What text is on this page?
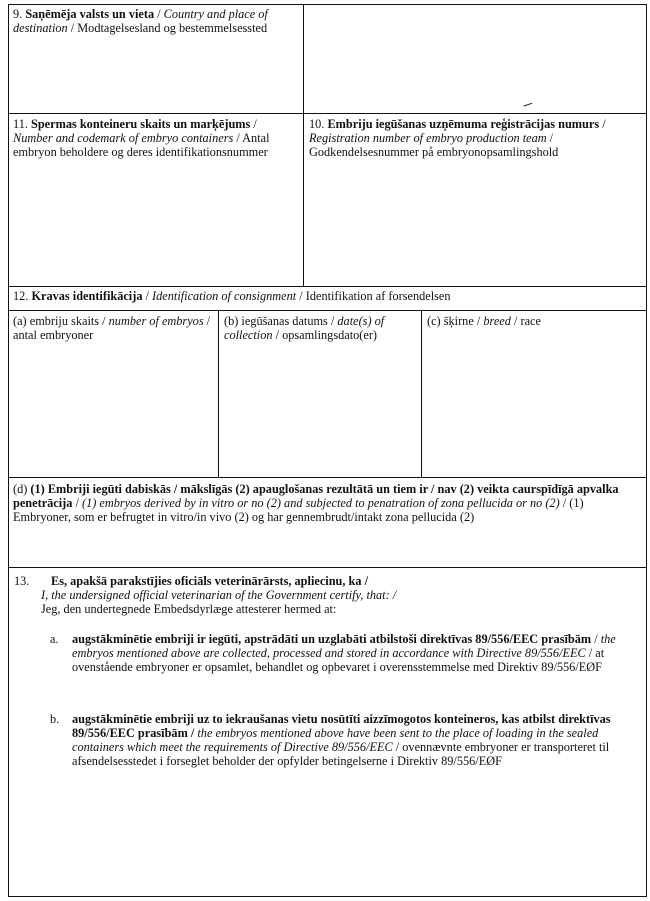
9. Saņēmēja valsts un vieta / Country and place of destination / Modtagelsesland og bestemmelsessted
11. Spermas konteineru skaits un marķējums / Number and codemark of embryo containers / Antal embryon beholdere og deres identifikationsnummer
10. Embriju iegūšanas uzņēmuma reģistrācijas numurs / Registration number of embryo production team / Godkendelsesnummer på embryonopsamlingshold
12. Kravas identifikācija / Identification of consignment / Identifikation af forsendelsen
(a) embriju skaits / number of embryos / antal embryoner
(b) iegūšanas datums / date(s) of collection / opsamlingsdato(er)
(c) šķirne / breed / race
(d) (1) Embriji iegūti dabiskās / mākslīgās (2) apauglošanas rezultātā un tiem ir / nav (2) veikta caurspīdīgā apvalka penetrācija / (1) embryos derived by in vitro or no (2) and subjected to penatration of zona pellucida or no (2) / (1) Embryoner, som er befrugtet in vitro/in vivo (2) og har gennembrudt/intakt zona pellucida (2)
13.	Es, apakšā parakstījies oficiāls veterinārārsts, apliecinu, ka /
I, the undersigned official veterinarian of the Government certify, that: /
Jeg, den undertegnede Embedsdyrlæge attesterer hermed at:
a. augstākminētie embriji ir iegūti, apstrādāti un uzglabāti atbilstoši direktīvas 89/556/EEC prasībām / the embryos mentioned above are collected, processed and stored in accordance with Directive 89/556/EEC / at ovenstående embryoner er opsamlet, behandlet og opbevaret i overensstemmelse med Direktiv 89/556/EØF
b. augstākminētie embriji uz to iekraušanas vietu nosūtīti aizzīmogotos konteineros, kas atbilst direktīvas 89/556/EEC prasībām / the embryos mentioned above have been sent to the place of loading in the sealed containers which meet the requirements of Directive 89/556/EEC / ovennævnte embryoner er transporteret til afsendelsesstedet i forseglet beholder der opfylder betingelserne i Direktiv 89/556/EØF
